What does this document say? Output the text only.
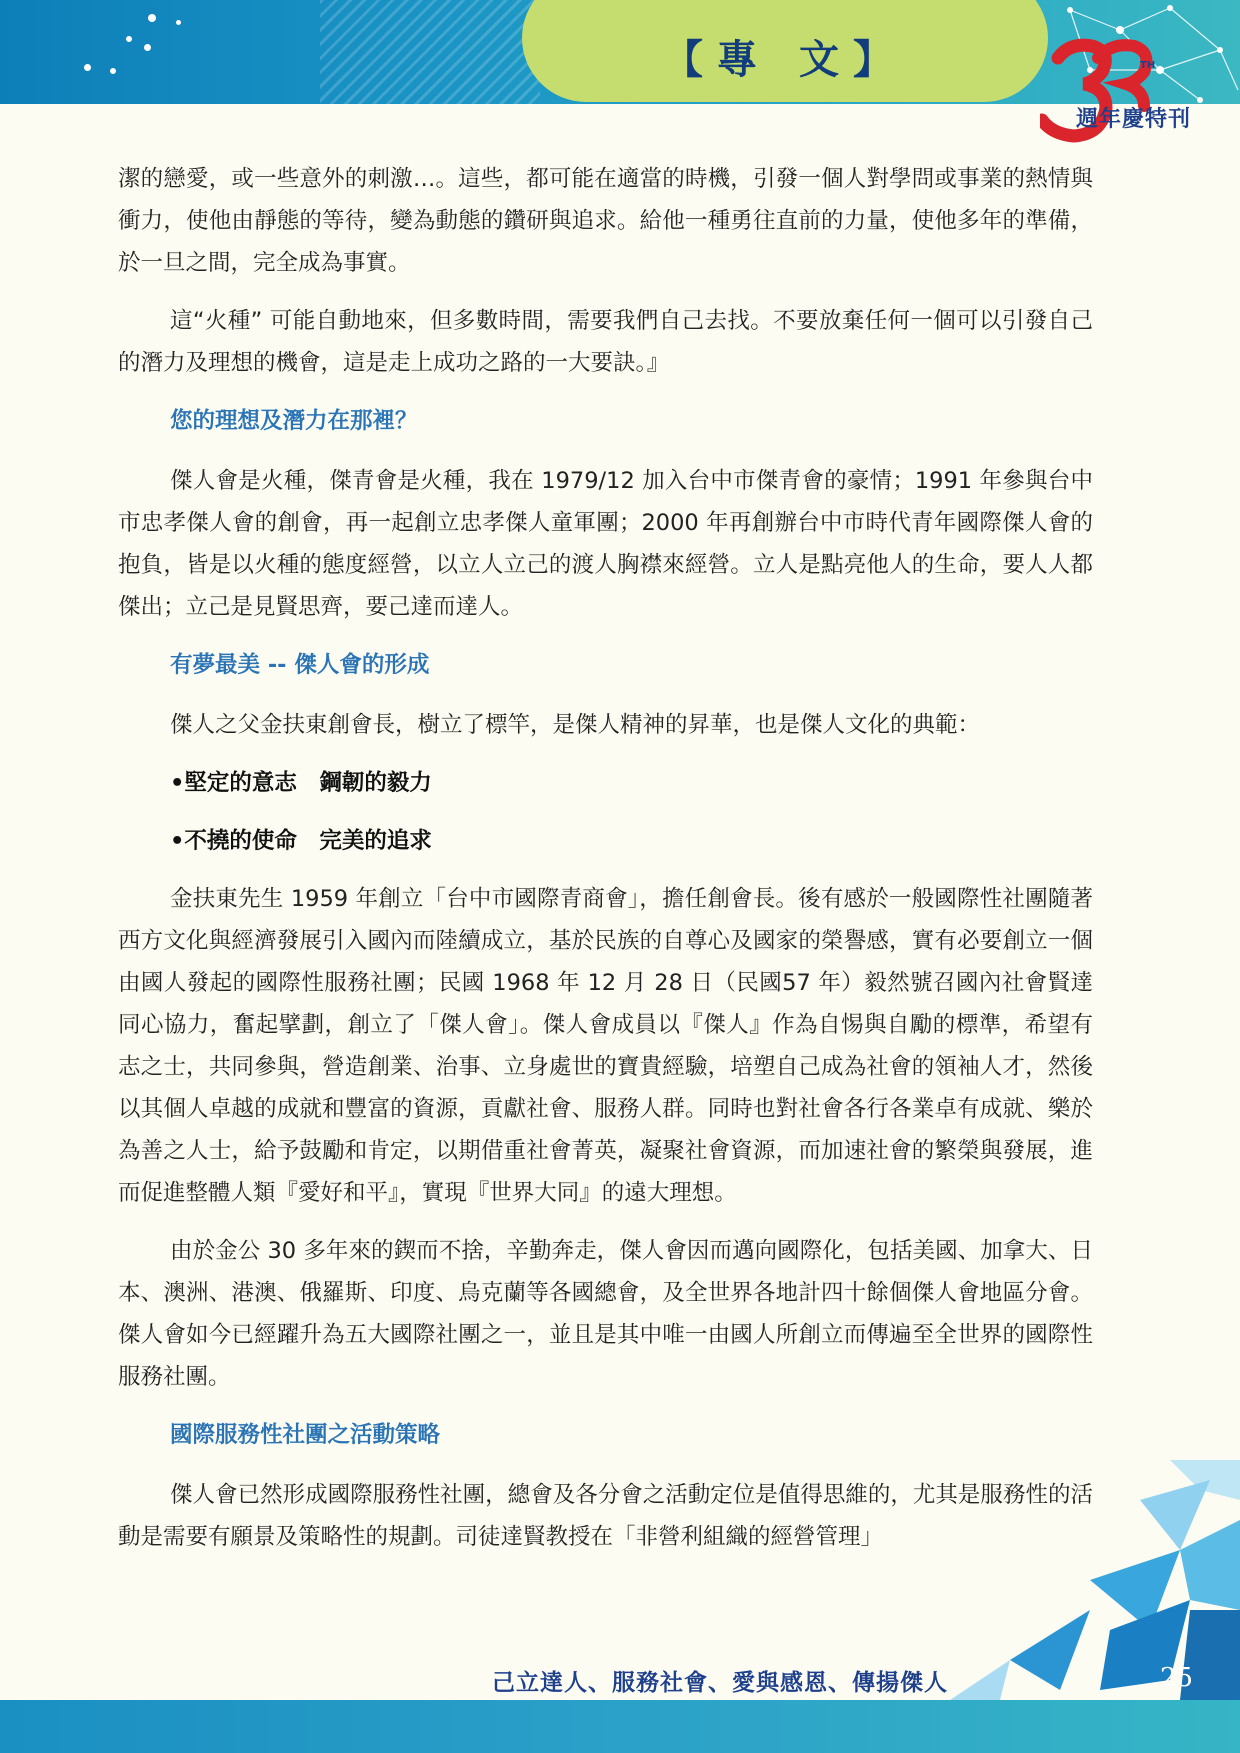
【專 文】	TH
週年慶特刊

潔的戀愛，或一些意外的刺激…。這些，都可能在適當的時機，引發一個人對學問或事業的熱情與衝力，使他由靜態的等待，變為動態的鑽研與追求。給他一種勇往直前的力量，使他多年的準備，於一旦之間，完全成為事實。

這“火種” 可能自動地來，但多數時間，需要我們自己去找。不要放棄任何一個可以引發自己的潛力及理想的機會，這是走上成功之路的一大要訣。』

您的理想及潛力在那裡？

傑人會是火種，傑青會是火種，我在 1979/12 加入台中市傑青會的豪情；1991 年參與台中市忠孝傑人會的創會，再一起創立忠孝傑人童軍團；2000 年再創辦台中市時代青年國際傑人會的抱負，皆是以火種的態度經營，以立人立己的渡人胸襟來經營。立人是點亮他人的生命，要人人都傑出；立己是見賢思齊，要己達而達人。

有夢最美 -- 傑人會的形成

傑人之父金扶東創會長，樹立了標竿，是傑人精神的昇華，也是傑人文化的典範：

•堅定的意志　鋼韌的毅力
•不撓的使命　完美的追求

金扶東先生 1959 年創立「台中市國際青商會」，擔任創會長。後有感於一般國際性社團隨著西方文化與經濟發展引入國內而陸續成立，基於民族的自尊心及國家的榮譽感，實有必要創立一個由國人發起的國際性服務社團；民國 1968 年 12 月 28 日（民國57 年）毅然號召國內社會賢達同心協力，奮起擘劃，創立了「傑人會」。傑人會成員以『傑人』作為自惕與自勵的標準，希望有志之士，共同參與，營造創業、治事、立身處世的寶貴經驗，培塑自己成為社會的領袖人才，然後以其個人卓越的成就和豐富的資源，貢獻社會、服務人群。同時也對社會各行各業卓有成就、樂於為善之人士，給予鼓勵和肯定，以期借重社會菁英，凝聚社會資源，而加速社會的繁榮與發展，進而促進整體人類『愛好和平』，實現『世界大同』的遠大理想。

由於金公 30 多年來的鍥而不捨，辛勤奔走，傑人會因而邁向國際化，包括美國、加拿大、日本、澳洲、港澳、俄羅斯、印度、烏克蘭等各國總會，及全世界各地計四十餘個傑人會地區分會。傑人會如今已經躍升為五大國際社團之一，並且是其中唯一由國人所創立而傳遍至全世界的國際性服務社團。

國際服務性社團之活動策略

傑人會已然形成國際服務性社團，總會及各分會之活動定位是值得思維的，尤其是服務性的活動是需要有願景及策略性的規劃。司徒達賢教授在「非營利組織的經營管理」

己立達人、服務社會、愛與感恩、傳揚傑人	25
